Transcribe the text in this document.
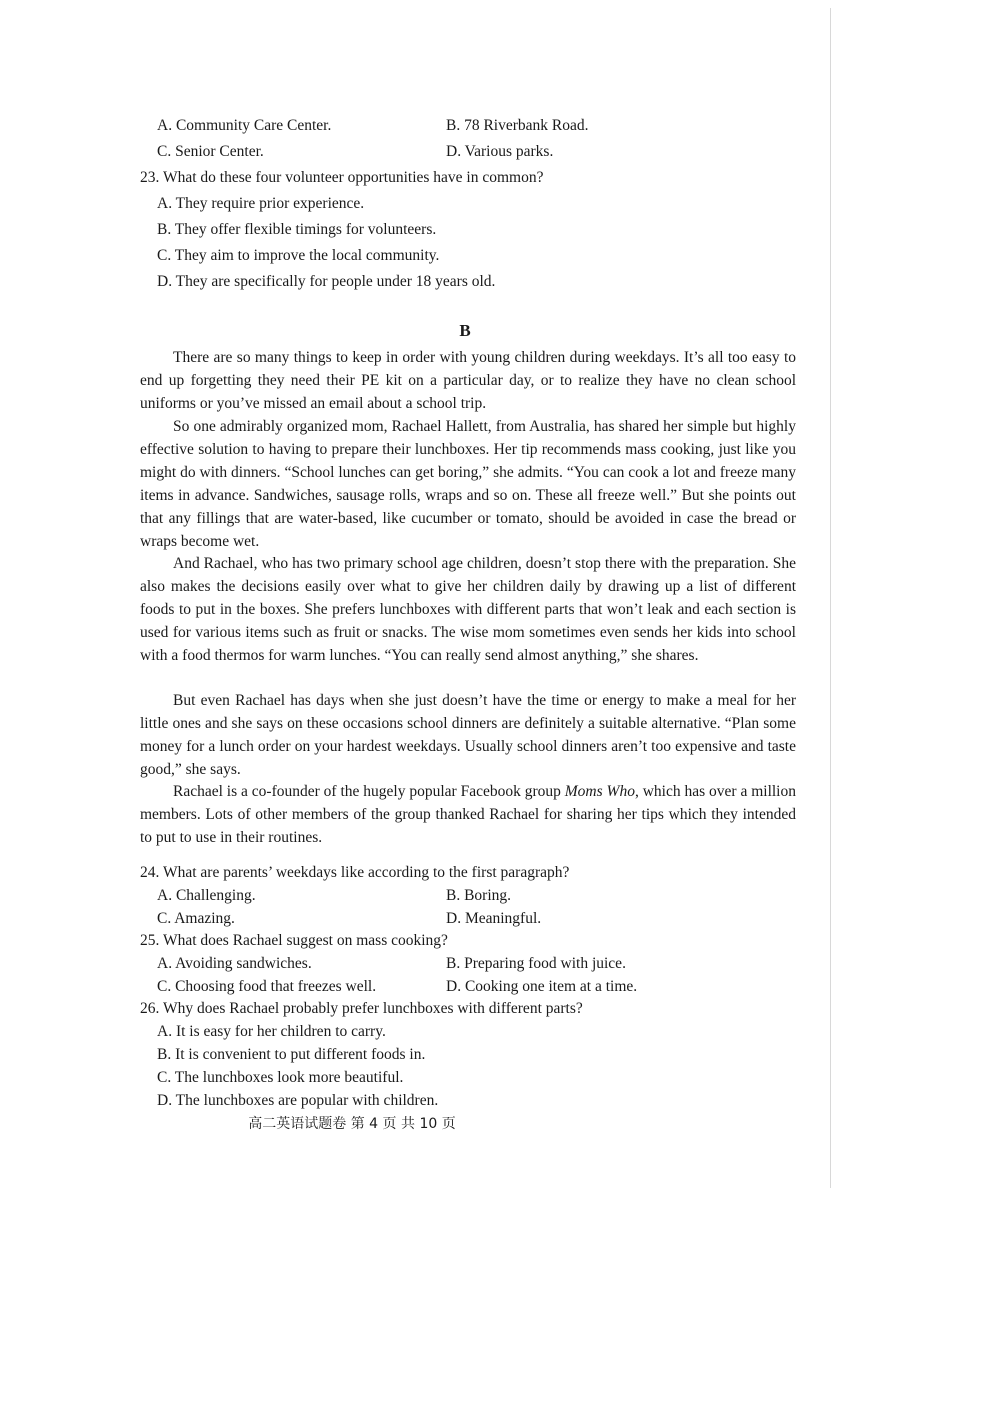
A. Community Care Center.	B. 78 Riverbank Road.
C. Senior Center.	D. Various parks.
23. What do these four volunteer opportunities have in common?
A. They require prior experience.
B. They offer flexible timings for volunteers.
C. They aim to improve the local community.
D. They are specifically for people under 18 years old.
B
There are so many things to keep in order with young children during weekdays. It’s all too easy to end up forgetting they need their PE kit on a particular day, or to realize they have no clean school uniforms or you’ve missed an email about a school trip.
So one admirably organized mom, Rachael Hallett, from Australia, has shared her simple but highly effective solution to having to prepare their lunchboxes. Her tip recommends mass cooking, just like you might do with dinners. “School lunches can get boring,” she admits. “You can cook a lot and freeze many items in advance. Sandwiches, sausage rolls, wraps and so on. These all freeze well.” But she points out that any fillings that are water-based, like cucumber or tomato, should be avoided in case the bread or wraps become wet.
And Rachael, who has two primary school age children, doesn’t stop there with the preparation. She also makes the decisions easily over what to give her children daily by drawing up a list of different foods to put in the boxes. She prefers lunchboxes with different parts that won’t leak and each section is used for various items such as fruit or snacks. The wise mom sometimes even sends her kids into school with a food thermos for warm lunches. “You can really send almost anything,” she shares.
But even Rachael has days when she just doesn’t have the time or energy to make a meal for her little ones and she says on these occasions school dinners are definitely a suitable alternative. “Plan some money for a lunch order on your hardest weekdays. Usually school dinners aren’t too expensive and taste good,” she says.
Rachael is a co-founder of the hugely popular Facebook group Moms Who, which has over a million members. Lots of other members of the group thanked Rachael for sharing her tips which they intended to put to use in their routines.
24. What are parents’ weekdays like according to the first paragraph?
A. Challenging.	B. Boring.
C. Amazing.	D. Meaningful.
25. What does Rachael suggest on mass cooking?
A. Avoiding sandwiches.	B. Preparing food with juice.
C. Choosing food that freezes well.	D. Cooking one item at a time.
26. Why does Rachael probably prefer lunchboxes with different parts?
A. It is easy for her children to carry.
B. It is convenient to put different foods in.
C. The lunchboxes look more beautiful.
D. The lunchboxes are popular with children.
高二英语试题卷 第 4 页 共 10 页
